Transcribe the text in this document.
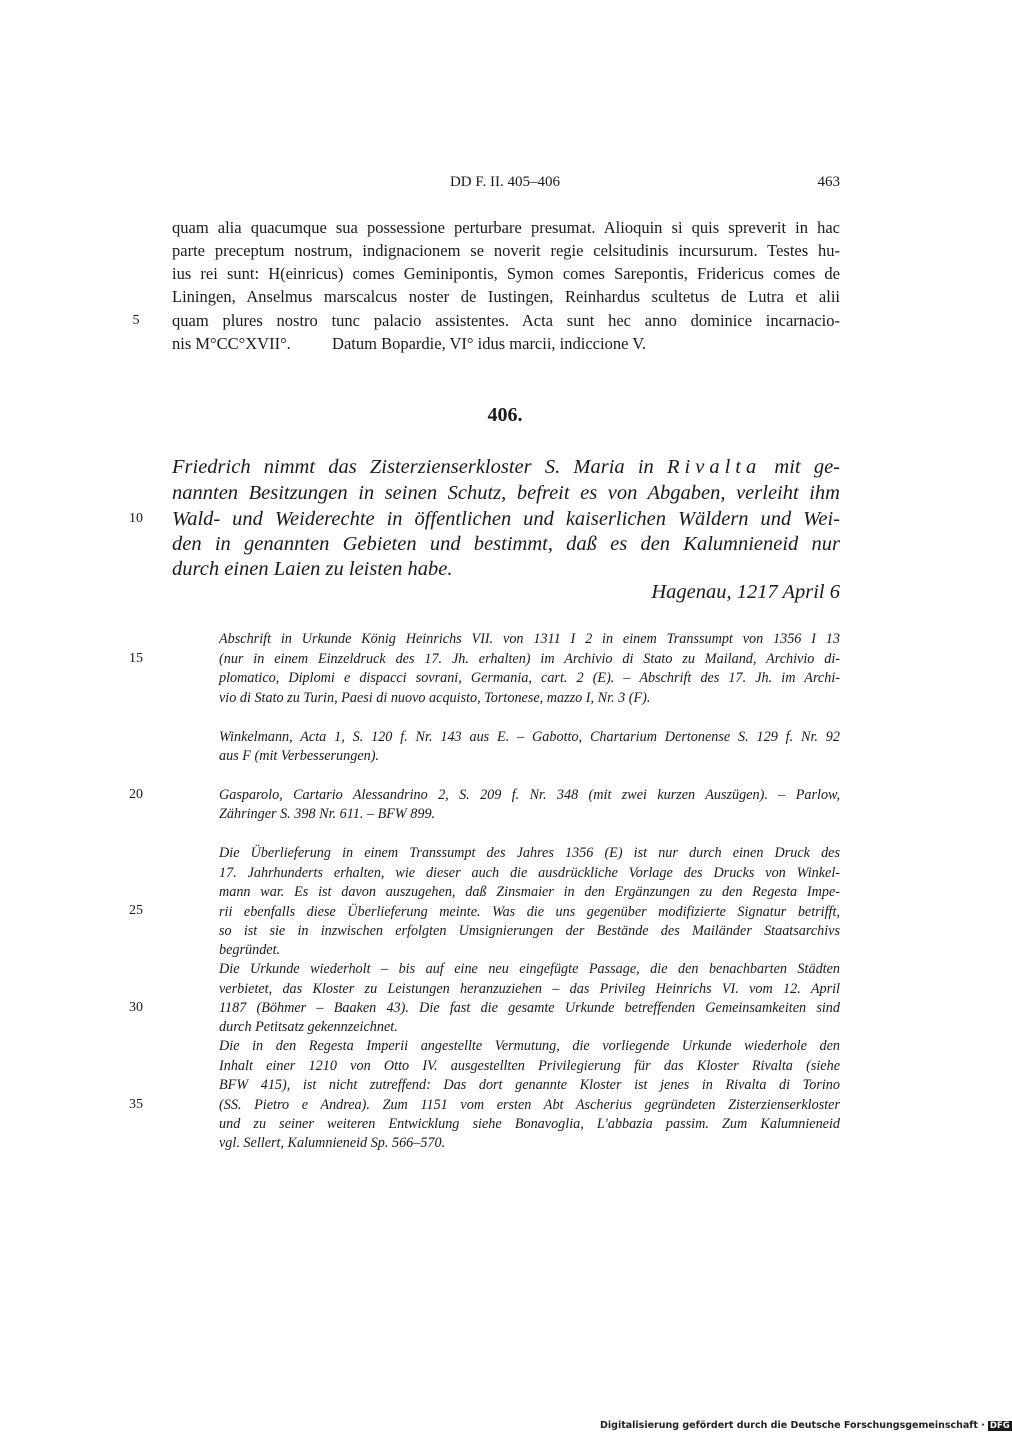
DD F. II. 405–406	463
quam alia quacumque sua possessione perturbare presumat. Alioquin si quis spreverit in hac
parte preceptum nostrum, indignacionem se noverit regie celsitudinis incursurum. Testes hu-
ius rei sunt: H(einricus) comes Geminipontis, Symon comes Sarepontis, Fridericus comes de
Liningen, Anselmus marscalcus noster de Iustingen, Reinhardus scultetus de Lutra et alii
quam plures nostro tunc palacio assistentes. Acta sunt hec anno dominice incarnacio-
nis M°CC°XVII°.          Datum Bopardie, VI° idus marcii, indiccione V.
406.
Friedrich nimmt das Zisterzienserkloster S. Maria in Rivalta mit ge-
nannten Besitzungen in seinen Schutz, befreit es von Abgaben, verleiht ihm
Wald- und Weiderechte in öffentlichen und kaiserlichen Wäldern und Wei-
den in genannten Gebieten und bestimmt, daß es den Kalumnieneid nur
durch einen Laien zu leisten habe.
Hagenau, 1217 April 6
Abschrift in Urkunde König Heinrichs VII. von 1311 I 2 in einem Transsumpt von 1356 I 13
(nur in einem Einzeldruck des 17. Jh. erhalten) im Archivio di Stato zu Mailand, Archivio di-
plomatico, Diplomi e dispacci sovrani, Germania, cart. 2 (E). – Abschrift des 17. Jh. im Archi-
vio di Stato zu Turin, Paesi di nuovo acquisto, Tortonese, mazzo I, Nr. 3 (F).
Winkelmann, Acta 1, S. 120 f. Nr. 143 aus E. – Gabotto, Chartarium Dertonense S. 129 f. Nr. 92
aus F (mit Verbesserungen).
Gasparolo, Cartario Alessandrino 2, S. 209 f. Nr. 348 (mit zwei kurzen Auszügen). – Parlow,
Zähringer S. 398 Nr. 611. – BFW 899.
Die Überlieferung in einem Transsumpt des Jahres 1356 (E) ist nur durch einen Druck des
17. Jahrhunderts erhalten, wie dieser auch die ausdrückliche Vorlage des Drucks von Winkel-
mann war. Es ist davon auszugehen, daß Zinsmaier in den Ergänzungen zu den Regesta Impe-
rii ebenfalls diese Überlieferung meinte. Was die uns gegenüber modifizierte Signatur betrifft,
so ist sie in inzwischen erfolgten Umsignierungen der Bestände des Mailänder Staatsarchivs
begründet.
Die Urkunde wiederholt – bis auf eine neu eingefügte Passage, die den benachbarten Städten
verbietet, das Kloster zu Leistungen heranzuziehen – das Privileg Heinrichs VI. vom 12. April
1187 (Böhmer – Baaken 43). Die fast die gesamte Urkunde betreffenden Gemeinsamkeiten sind
durch Petitsatz gekennzeichnet.
Die in den Regesta Imperii angestellte Vermutung, die vorliegende Urkunde wiederhole den
Inhalt einer 1210 von Otto IV. ausgestellten Privilegierung für das Kloster Rivalta (siehe
BFW 415), ist nicht zutreffend: Das dort genannte Kloster ist jenes in Rivalta di Torino
(SS. Pietro e Andrea). Zum 1151 vom ersten Abt Ascherius gegründeten Zisterzienserkloster
und zu seiner weiteren Entwicklung siehe Bonavoglia, L'abbazia passim. Zum Kalumnieneid
vgl. Sellert, Kalumnieneid Sp. 566–570.
5
10
15
20
25
30
35
Digitalisierung gefördert durch die Deutsche Forschungsgemeinschaft · DFG
